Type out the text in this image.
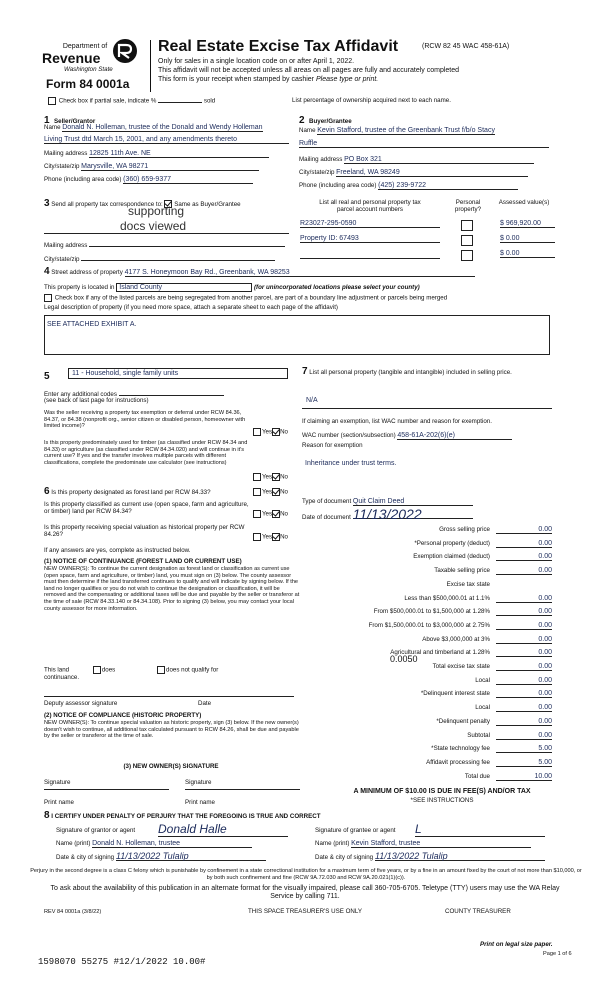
Department of
Revenue
Washington State
Form 84 0001a
Real Estate Excise Tax Affidavit	(RCW 82 45 WAC 458-61A)
Only for sales in a single location code on or after April 1, 2022.
This affidavit will not be accepted unless all areas on all pages are fully and accurately completed
This form is your receipt when stamped by cashier Please type or print.
Check box if partial sale, indicate %	sold	List percentage of ownership acquired next to each name.
1 Seller/Grantor
Name Donald N. Holleman, trustee of the Donald and Wendy Holleman
Living Trust dtd March 15, 2001, and any amendments thereto
Mailing address 12825 11th Ave. NE
City/state/zip Marysville, WA 98271
Phone (including area code) (360) 659-9377
2 Buyer/Grantee
Name Kevin Stafford, trustee of the Greenbank Trust f/b/o Stacy
Ruffle
Mailing address PO Box 321
City/state/zip Freeland, WA 98249
Phone (including area code) (425) 239-9722
3 Send all property tax correspondence to: Same as Buyer/Grantee
supporting
docs viewed
Mailing address
City/state/zip
List all real and personal property tax
parcel account numbers
Personal property?
Assessed value(s)
R23027-295-0590	$ 969,920.00
Property ID: 67493	$ 0.00
$ 0.00
4 Street address of property 4177 S. Honeymoon Bay Rd., Greenbank, WA 98253
This property is located in Island County	(for unincorporated locations please select your county)
Check box if any of the listed parcels are being segregated from another parcel, are part of a boundary line adjustment or parcels being merged
Legal description of property (if you need more space, attach a separate sheet to each page of the affidavit)
SEE ATTACHED EXHIBIT A.
5	11 - Household, single family units
Enter any additional codes
(see back of last page for instructions)
Was the seller receiving a property tax exemption or deferral under RCW 84.36, 84.37, or 84.38 (nonprofit org., senior citizen or disabled person, homeowner with limited income)?
Yes No
Is this property predominately used for timber (as classified under RCW 84.34 and 84.33) or agriculture (as classified under RCW 84.34.020) and will continue in it's current use? If yes and the transfer involves multiple parcels with different classifications, complete the predominate use calculator (see instructions)
Yes No
6 Is this property designated as forest land per RCW 84.33?	Yes No
Is this property classified as current use (open space, farm and agriculture, or timber) land per RCW 84.34?	Yes No
Is this property receiving special valuation as historical property per RCW 84.26?	Yes No
If any answers are yes, complete as instructed below.
(1) NOTICE OF CONTINUANCE (FOREST LAND OR CURRENT USE)
NEW OWNER(S): To continue the current designation as forest land or classification as current use (open space, farm and agriculture, or timber) land, you must sign on (3) below. The county assessor must then determine if the land transferred continues to qualify and will indicate by signing below. If the land no longer qualifies or you do not wish to continue the designation or classification, it will be removed and the compensating or additional taxes will be due and payable by the seller or transferor at the time of sale (RCW 84.33.140 or 84.34.108). Prior to signing (3) below, you may contact your local county assessor for more information.
This land	does	does not qualify for
continuance.
Deputy assessor signature	Date
(2) NOTICE OF COMPLIANCE (HISTORIC PROPERTY)
NEW OWNER(S): To continue special valuation as historic property, sign (3) below. If the new owner(s) doesn't wish to continue, all additional tax calculated pursuant to RCW 84.26, shall be due and payable by the seller or transferor at the time of sale.
(3) NEW OWNER(S) SIGNATURE
Signature	Signature
Print name	Print name
7 List all personal property (tangible and intangible) included in selling price.
N/A
If claiming an exemption, list WAC number and reason for exemption.
WAC number (section/subsection) 458-61A-202(6)(e)
Reason for exemption
Inheritance under trust terms.
Type of document Quit Claim Deed
Date of document 11/13/2022
Gross selling price	0.00
*Personal property (deduct)	0.00
Exemption claimed (deduct)	0.00
Taxable selling price	0.00
Excise tax state
Less than $500,000.01 at 1.1%	0.00
From $500,000.01 to $1,500,000 at 1.28%	0.00
From $1,500,000.01 to $3,000,000 at 2.75%	0.00
Above $3,000,000 at 3%	0.00
Agricultural and timberland at 1.28%	0.00
Total excise tax state	0.00
Local	0.00
*Delinquent interest state	0.00
Local	0.00
*Delinquent penalty	0.00
Subtotal	0.00
*State technology fee	5.00
Affidavit processing fee	5.00
Total due	10.00
0.0050
A MINIMUM OF $10.00 IS DUE IN FEE(S) AND/OR TAX
*SEE INSTRUCTIONS
8 I CERTIFY UNDER PENALTY OF PERJURY THAT THE FOREGOING IS TRUE AND CORRECT
Signature of grantor or agent Donald Halle	Signature of grantee or agent L
Name (print) Donald N. Holleman, trustee	Name (print) Kevin Stafford, trustee
Date & city of signing 11/13/2022 Tulalip	Date & city of signing 11/13/2022 Tulalip
Perjury in the second degree is a class C felony which is punishable by confinement in a state correctional institution for a maximum term of five years, or by a fine in an amount fixed by the court of not more than $10,000, or by both such confinement and fine (RCW 9A.72.030 and RCW 9A.20.021(1)(c)).
To ask about the availability of this publication in an alternate format for the visually impaired, please call 360-705-6705. Teletype (TTY) users may use the WA Relay Service by calling 711.
REV 84 0001a (3/8/22)	THIS SPACE TREASURER'S USE ONLY	COUNTY TREASURER
Print on legal size paper.
Page 1 of 6
1598070 55275 #12/1/2022 10.00#
